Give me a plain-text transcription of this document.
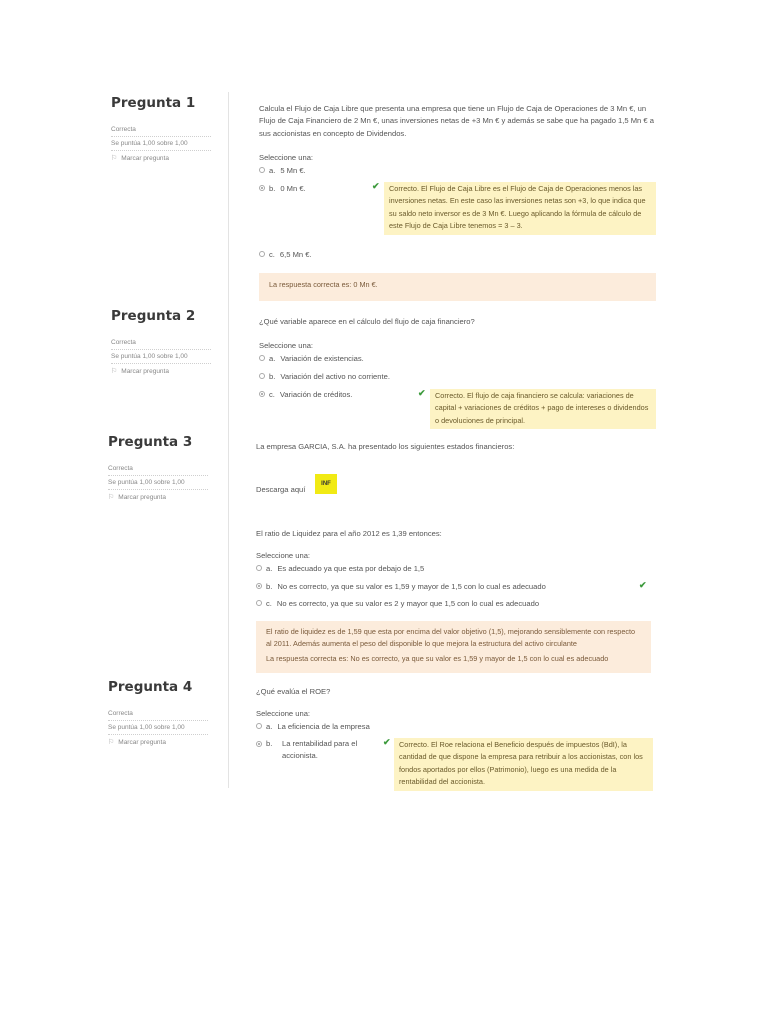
Pregunta 1
Correcta
Se puntúa 1,00 sobre 1,00
⚐ Marcar pregunta

Calcula el Flujo de Caja Libre que presenta una empresa que tiene un Flujo de Caja de Operaciones de 3 Mn €, un Flujo de Caja Financiero de 2 Mn €, unas inversiones netas de +3 Mn € y además se sabe que ha pagado 1,5 Mn € a sus accionistas en concepto de Dividendos.

Seleccione una:

a. 5 Mn €.
b. 0 Mn €.	✔	Correcto. El Flujo de Caja Libre es el Flujo de Caja de Operaciones menos las inversiones netas. En este caso las inversiones netas son +3, lo que indica que su saldo neto inversor es de 3 Mn €. Luego aplicando la fórmula de cálculo de este Flujo de Caja Libre tenemos = 3 – 3.
c. 6,5 Mn €.
La respuesta correcta es: 0 Mn €.
Pregunta 2
Correcta
Se puntúa 1,00 sobre 1,00
⚐ Marcar pregunta

¿Qué variable aparece en el cálculo del flujo de caja financiero?

Seleccione una:

a. Variación de existencias.
b. Variación del activo no corriente.
c. Variación de créditos.	✔	Correcto. El flujo de caja financiero se calcula: variaciones de capital + variaciones de créditos + pago de intereses o dividendos o devoluciones de principal.
Pregunta 3
Correcta
Se puntúa 1,00 sobre 1,00
⚐ Marcar pregunta

La empresa GARCIA, S.A. ha presentado los siguientes estados financieros:

Descarga aquí

INF

El ratio de Liquidez para el año 2012 es 1,39 entonces:

Seleccione una:

a. Es adecuado ya que esta por debajo de 1,5
b. No es correcto, ya que su valor es 1,59 y mayor de 1,5 con lo cual es adecuado	✔
c. No es correcto, ya que su valor es 2 y mayor que 1,5 con lo cual es adecuado
El ratio de liquidez es de 1,59 que esta por encima del valor objetivo (1,5), mejorando sensiblemente con respecto al 2011. Además aumenta el peso del disponible lo que mejora la estructura del activo circulante
La respuesta correcta es: No es correcto, ya que su valor es 1,59 y mayor de 1,5 con lo cual es adecuado
Pregunta 4
Correcta
Se puntúa 1,00 sobre 1,00
⚐ Marcar pregunta

¿Qué evalúa el ROE?

Seleccione una:

a. La eficiencia de la empresa
b. La rentabilidad para el accionista.
✔	Correcto. El Roe relaciona el Beneficio después de impuestos (BdI), la cantidad de que dispone la empresa para retribuir a los accionistas, con los fondos aportados por ellos (Patrimonio), luego es una medida de la rentabilidad del accionista.
